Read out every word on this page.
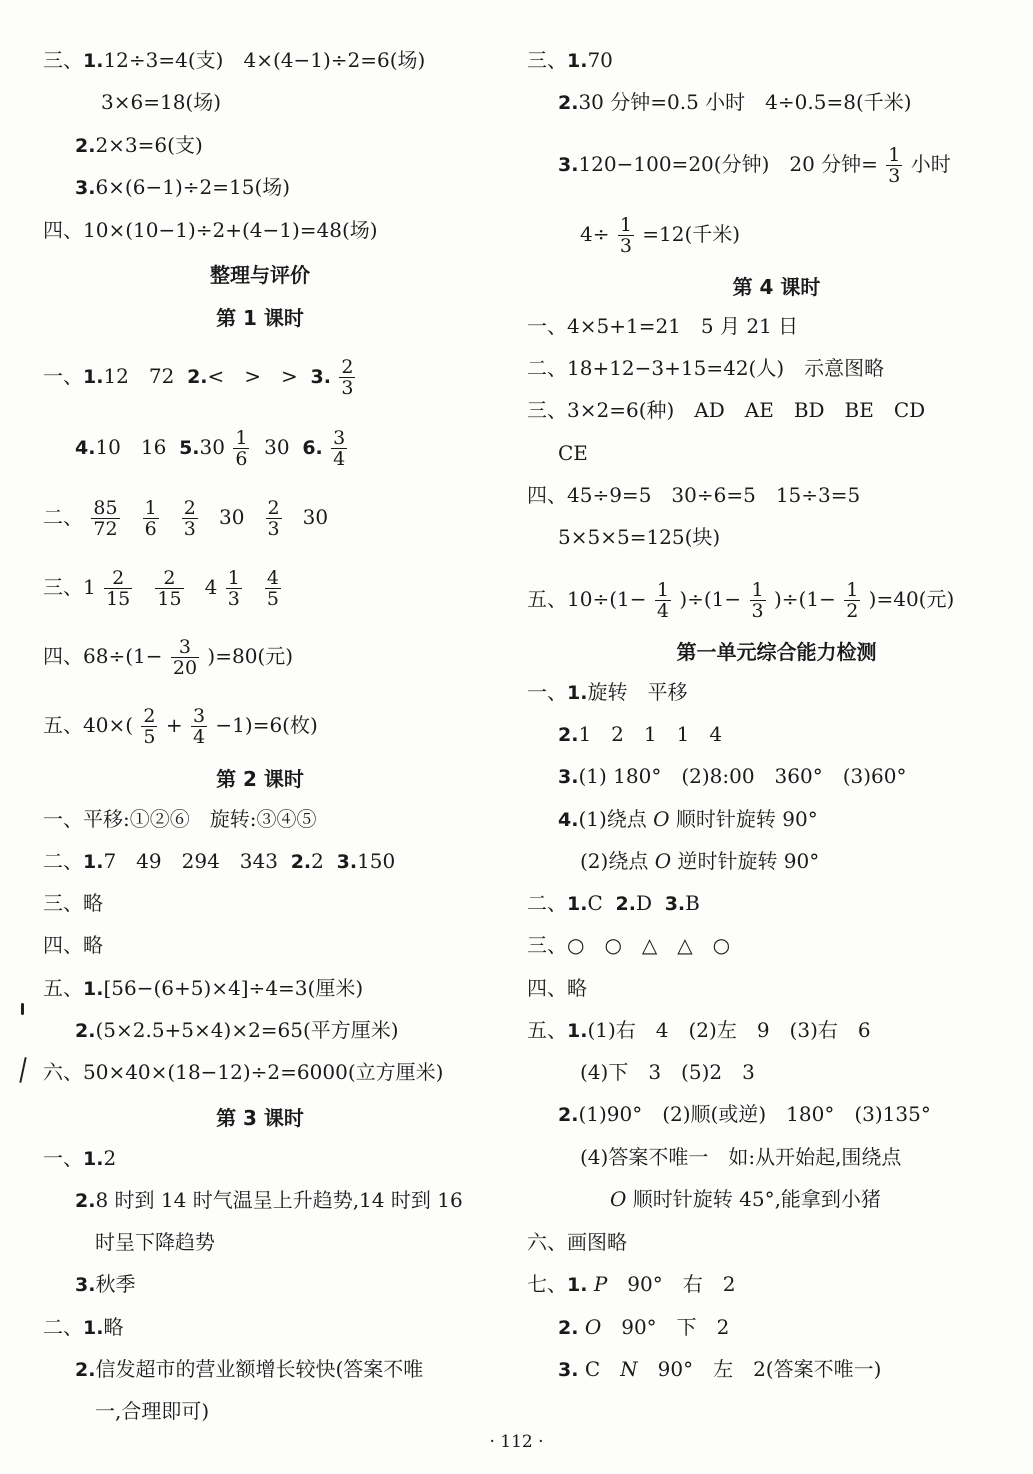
三、1.12÷3=4(支)　4×(4−1)÷2=6(场)
3×6=18(场)
2.2×3=6(支)
3.6×(6−1)÷2=15(场)
四、10×(10−1)÷2+(4−1)=48(场)
整理与评价
第 1 课时
一、1.12　72 2.<　>　> 3. $\frac{2}{3}$
4.10　16 $5.30 \frac{1}{6} 30$ 6. $\frac{3}{4}$
二、 $\frac{85}{72}$
$\frac{1}{6}$
$\frac{2}{3} 30 \frac{2}{3} 30$
三、$1 \frac{2}{15}$
$\frac{2}{15} 4 \frac{1}{3}$
$\frac{4}{5}$
四、$68\div(1- \frac{3}{20} )=80$(元)
五、$40\times( \frac{2}{5} + \frac{3}{4} -1)=6$(枚)
第 2 课时
一、平移:①②⑥　旋转:③④⑤
二、1.7　49　294　343 2.2 3.150
三、略
四、略
五、1.[56−(6+5)×4]÷4=3(厘米)
2.(5×2.5+5×4)×2=65(平方厘米)
六、50×40×(18−12)÷2=6000(立方厘米)
第 3 课时
一、1.2
2.8 时到 14 时气温呈上升趋势,14 时到 16
时呈下降趋势
3.秋季
二、1.略
2.信发超市的营业额增长较快(答案不唯
一,合理即可)
三、1.70
2.30 分钟=0.5 小时　4÷0.5=8(千米)
3.120−100=20(分钟)　20 分钟= $\frac{1}{3}$ 小时
$4\div \frac{1}{3} =12$(千米)
第 4 课时
一、4×5+1=21　5 月 21 日
二、18+12−3+15=42(人)　示意图略
三、3×2=6(种)　AD　AE　BD　BE　CD
CE
四、45÷9=5　30÷6=5　15÷3=5
5×5×5=125(块)
五、$10\div(1- \frac{1}{4} )\div(1- \frac{1}{3} )\div(1- \frac{1}{2} )=40$(元)
第一单元综合能力检测
一、1.旋转　平移
2.1　2　1　1　4
3.(1) 180°　(2)8:00　360°　(3)60°
4.(1)绕点 O 顺时针旋转 90°
(2)绕点 O 逆时针旋转 90°
二、1.C 2.D 3.B
三、○　○　△　△　○
四、略
五、1.(1)右　4　(2)左　9　(3)右　6
(4)下　3　(5)2　3
2.(1)90°　(2)顺(或逆)　180°　(3)135°
(4)答案不唯一　如:从开始起,围绕点
O 顺时针旋转 45°,能拿到小猪
六、画图略
七、1. P　90°　右　2
2. O　90°　下　2
3. C　N　90°　左　2(答案不唯一)
· 112 ·
